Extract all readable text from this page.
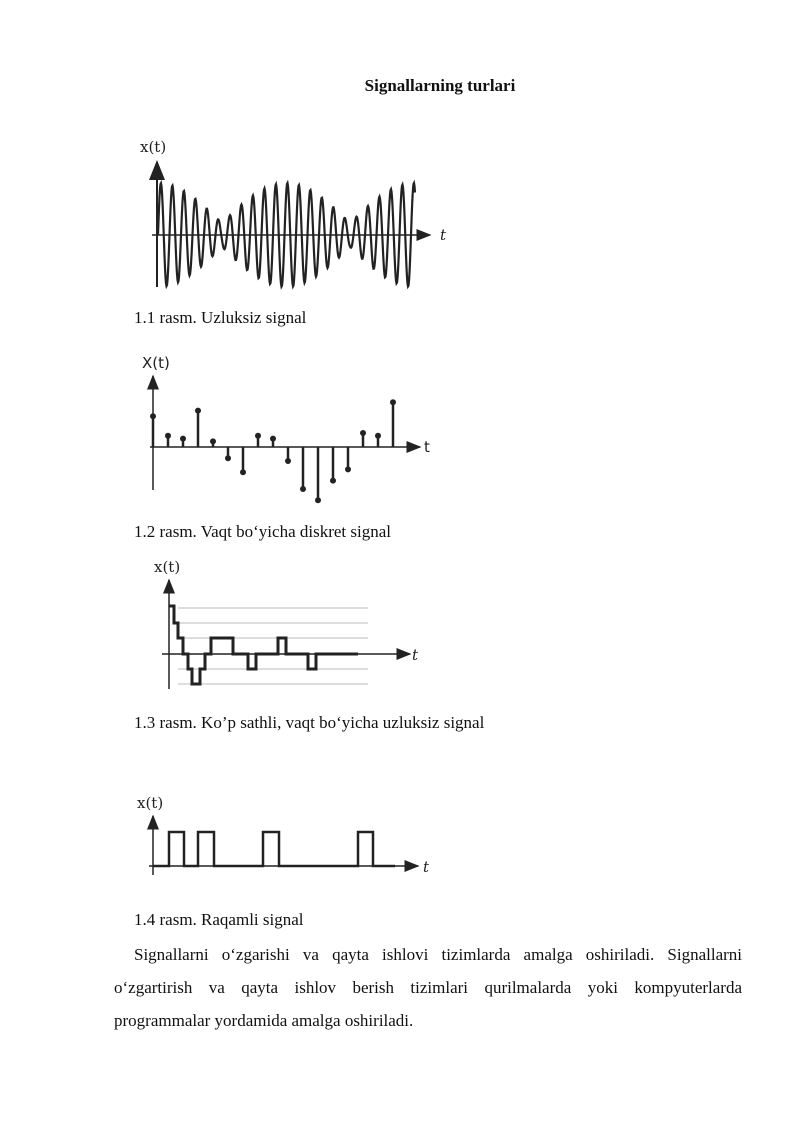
Signallarning turlari
x(t)
t
1.1 rasm. Uzluksiz signal
X(t)
t
1.2 rasm. Vaqt bo‘yicha diskret signal
x(t)
t
1.3 rasm. Ko’p sathli, vaqt bo‘yicha uzluksiz signal
x(t)
t
1.4 rasm. Raqamli signal

Signallarni o‘zgarishi va qayta ishlovi tizimlarda amalga oshiriladi. Signallarni o‘zgartirish va qayta ishlov berish tizimlari qurilmalarda yoki kompyuterlarda programmalar yordamida amalga oshiriladi.
